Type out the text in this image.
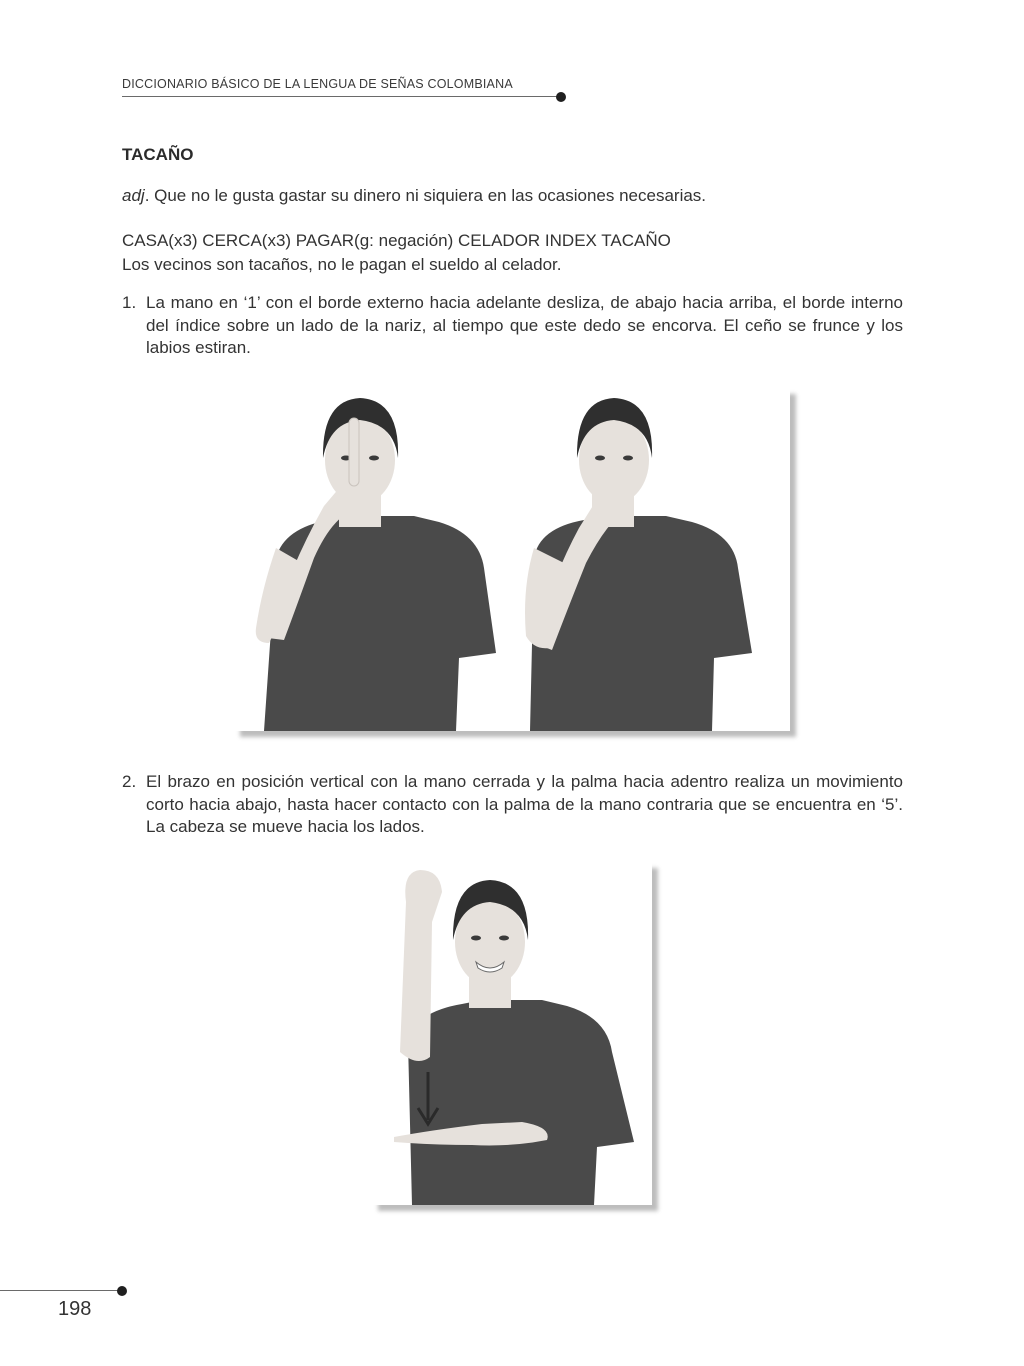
DICCIONARIO BÁSICO DE LA LENGUA DE SEÑAS COLOMBIANA
TACAÑO
adj. Que no le gusta gastar su dinero ni siquiera en las ocasiones necesarias.
CASA(x3) CERCA(x3) PAGAR(g: negación) CELADOR INDEX TACAÑO
Los vecinos son tacaños, no le pagan el sueldo al celador.
1. La mano en ‘1’ con el borde externo hacia adelante desliza, de abajo hacia arriba, el borde interno del índice sobre un lado de la nariz, al tiempo que este dedo se encorva. El ceño se frunce y los labios estiran.
2. El brazo en posición vertical con la mano cerrada y la palma hacia adentro realiza un movimiento corto hacia abajo, hasta hacer contacto con la palma de la mano contraria que se encuentra en ‘5’. La cabeza se mueve hacia los lados.
198
